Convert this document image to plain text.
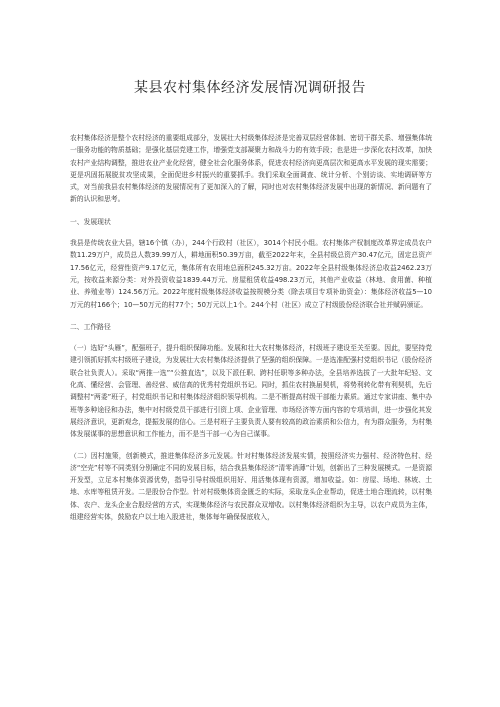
某县农村集体经济发展情况调研报告

农村集体经济是整个农村经济的重要组成部分，发展壮大村级集体经济是完善双层经营体制、密切干群关系、增强集体统一服务功能的物质基础；是强化基层党建工作，增强党支部凝聚力和战斗力的有效手段；也是进一步深化农村改革，加快农村产业结构调整，推进农业产业化经营，健全社会化服务体系，促进农村经济向更高层次和更高水平发展的现实需要；更是巩固拓展脱贫攻坚成果，全面促进乡村振兴的重要抓手。我们采取全面调查、统计分析、个别访谈、实地调研等方式，对当前我县农村集体经济的发展情况有了更加深入的了解，同时也对农村集体经济发展中出现的新情况、新问题有了新的认识和思考。

一、发展现状

我县是传统农业大县，辖16个镇（办），244个行政村（社区），3014个村民小组。农村集体产权制度改革界定成员农户数11.29万户，成员总人数39.99万人，耕地面积50.39万亩，截至2022年末，全县村级总资产30.47亿元，固定总资产17.56亿元，经营性资产9.17亿元，集体所有农用地总面积245.32万亩。2022年全县村级集体经济总收益2462.23万元，按收益来源分类：对外投资收益1839.44万元、房屋租赁收益498.23万元，其他产业收益（林地、食用菌、种植业、养殖业等）124.56万元。2022年度村级集体经济收益按规模分类（除去项目专项补助资金）：集体经济收益5—10万元的村166个；10—50万元的村77个；50万元以上1个。244个村（社区）成立了村级股份经济联合社并赋码颁证。

二、工作路径

（一）选好“头雁”，配强班子，提升组织保障功能。发展和壮大农村集体经济，村级班子建设至关至要。因此，要坚持党建引领抓好抓实村级班子建设，为发展壮大农村集体经济提供了坚强的组织保障。一是选准配强村党组织书记（股份经济联合社负责人）。采取“两推一选”“公推直选”，以及下派任职、跨村任职等多种办法，全县培养选拔了一大批年纪轻、文化高、懂经营、会管理、善经营、威信高的优秀村党组织书记。同时，抓住农村换届契机，将势利转化带有利契机，先后调整村“两委”班子，村党组织书记和村集体经济组织领导机构。二是不断提高村级干部能力素质。通过专家讲座、集中办班等多种途径和办法，集中对村级党员干部进行引资上项、企业管理、市场经济等方面内容的专项培训，进一步强化其发展经济意识，更新观念，提振发展的信心。三是村班子主要负责人要有较高的政治素质和公信力，有为群众服务，为村集体发展谋事的思想意识和工作能力，而不是当干部一心为自己谋事。

（二）因村施策，创新模式，推进集体经济多元发展。针对村集体经济发展实情，按照经济实力强村、经济特色村、经济“空壳”村等不同类别分别确定不同的发展目标，结合我县集体经济“清零消薄”计划，创新出了三种发展模式。一是资源开发型，立足本村集体资源优势，指导引导村级组织用好、用活集体现有资源，增加收益。如：房屋、场地、林坡、土地、水库等租赁开发。二是股份合作型。针对村级集体资金匮乏的实际，采取龙头企业帮动，促进土地合理流转，以村集体、农户、龙头企业合股经营的方式，实现集体经济与农民群众双增收。以村集体经济组织为主导，以农户成员为主体，组建经营实体，鼓励农户以土地入股进社，集体每年确保保底收入，
